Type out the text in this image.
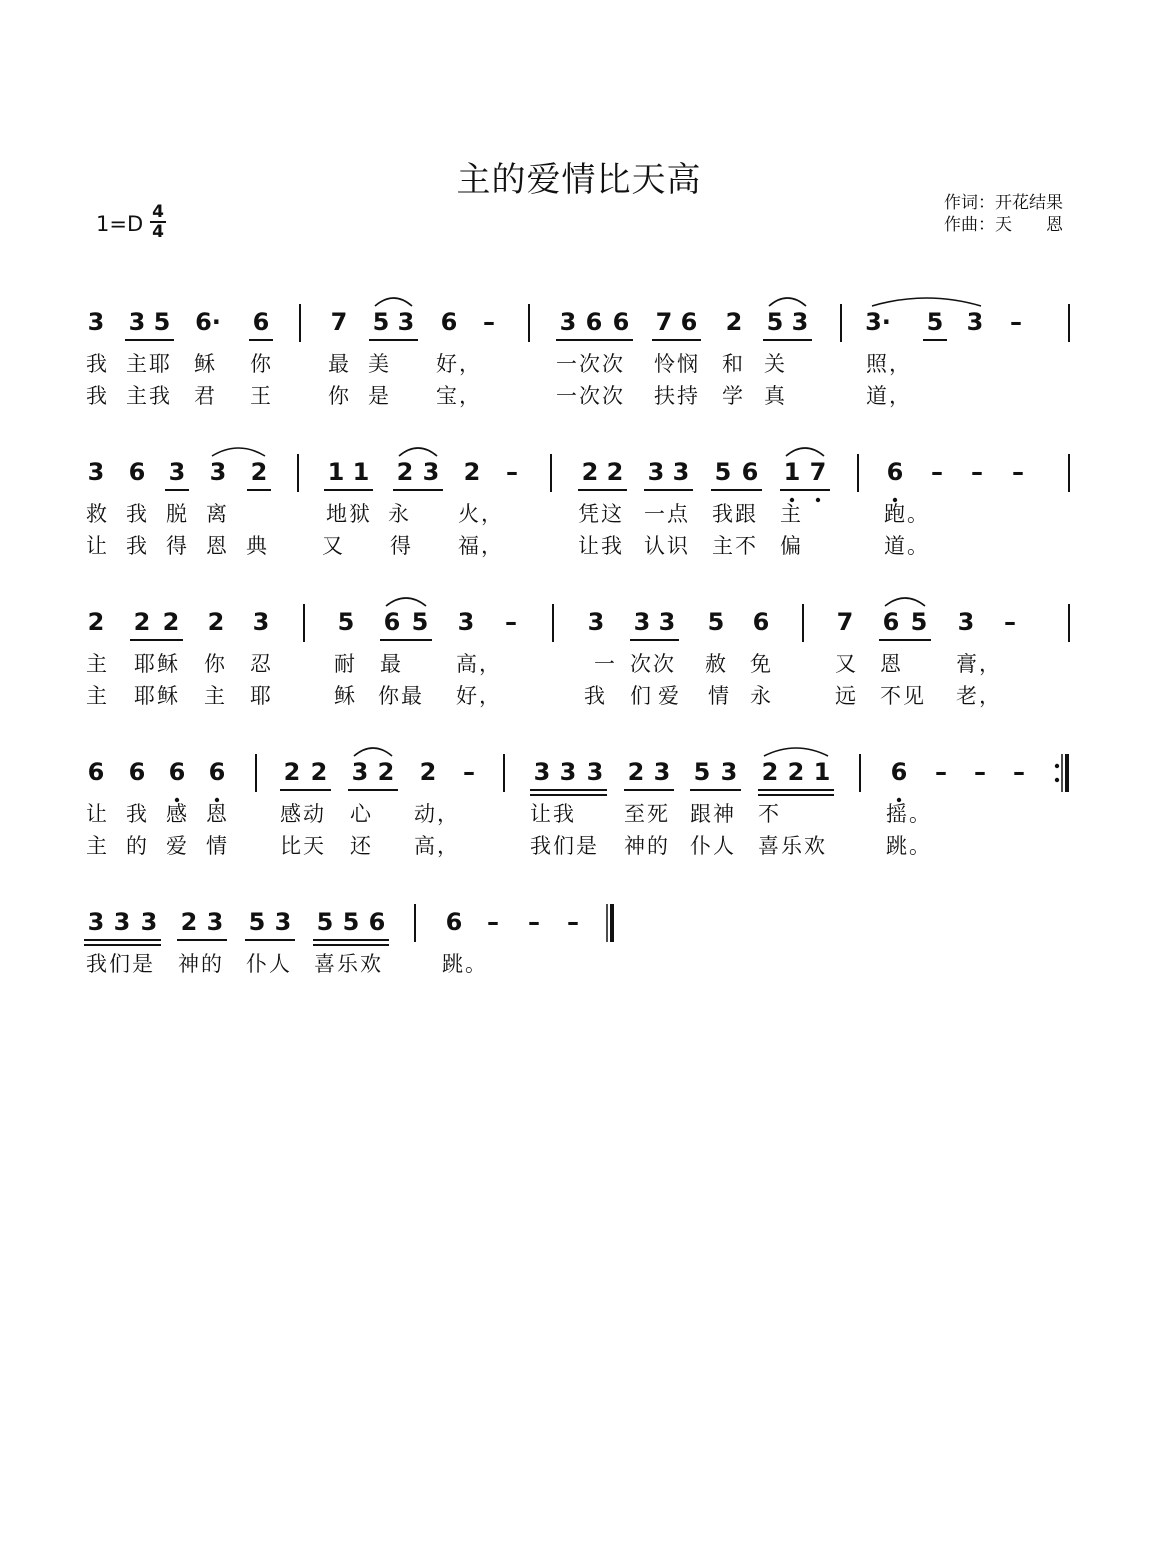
主的爱情比天高
1=D 4
4
作词：开花结果
作曲：天　　恩
3 3 5 6· 6	7 5 3 6 –	3 6 6 7 6 2 5 3 3· 5 3 –
我 主耶 稣 你	最 美 好，	一次次 怜悯 和 关	照，
我 主我 君 王	你 是 宝，	一次次 扶持 学 真	道，
3 6 3 3 2	1 1 2 3 2 –	2 2 3 3 5 6 1 7	6 – – –
救 我 脱 离	地狱 永 火，	凭这 一点 我跟 主	跑。
让 我 得 恩 典	又 得 福，	让我 认识 主不 偏	道。
2 2 2 2 3	5 6 5 3 –	3 3 3 5 6	7 6 5 3 –
主 耶稣 你 忍	耐 最	高，	一 次次 赦 免	又 恩	膏，
主 耶稣 主 耶	稣 你最 好，	我 们 爱 情 永	远 不见 老，
6 6 6 6 2 2 3 2 2 – 3 3 3 2 3 5 3 2 2 1	6 – – –
让 我 感 恩	感动 心 动，	让我 至死 跟神 不	摇。
主 的 爱 情	比天 还 高，	我们是 神的 仆人 喜乐欢	跳。
3 3 3 2 3 5 3 5 5 6	6 – – –
我们是 神的 仆人 喜乐欢	跳。
